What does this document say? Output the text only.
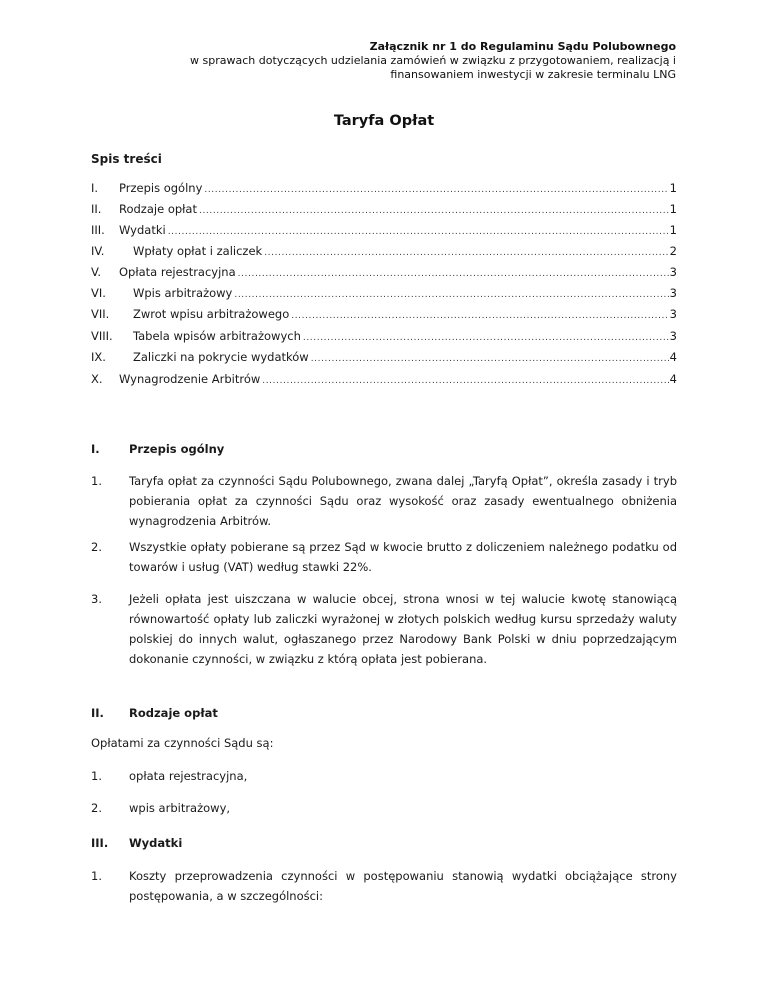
Załącznik nr 1 do Regulaminu Sądu Polubownego
w sprawach dotyczących udzielania zamówień w związku z przygotowaniem, realizacją i
finansowaniem inwestycji w zakresie terminalu LNG
Taryfa Opłat
Spis treści
I. Przepis ogólny .....	1
II. Rodzaje opłat .....	1
III. Wydatki .....	1
IV. Wpłaty opłat i zaliczek .....	2
V. Opłata rejestracyjna .....	3
VI. Wpis arbitrażowy .....	3
VII. Zwrot wpisu arbitrażowego .....	3
VIII. Tabela wpisów arbitrażowych .....	3
IX. Zaliczki na pokrycie wydatków .....	4
X. Wynagrodzenie Arbitrów .....	4
I.	Przepis ogólny
1. Taryfa opłat za czynności Sądu Polubownego, zwana dalej „Taryfą Opłat”, określa zasady i tryb pobierania opłat za czynności Sądu oraz wysokość oraz zasady ewentualnego obniżenia wynagrodzenia Arbitrów.
2. Wszystkie opłaty pobierane są przez Sąd w kwocie brutto z doliczeniem należnego podatku od towarów i usług (VAT) według stawki 22%.
3. Jeżeli opłata jest uiszczana w walucie obcej, strona wnosi w tej walucie kwotę stanowiącą równowartość opłaty lub zaliczki wyrażonej w złotych polskich według kursu sprzedaży waluty polskiej do innych walut, ogłaszanego przez Narodowy Bank Polski w dniu poprzedzającym dokonanie czynności, w związku z którą opłata jest pobierana.
II. Rodzaje opłat
Opłatami za czynności Sądu są:
1. opłata rejestracyjna,
2. wpis arbitrażowy,
III. Wydatki
1. Koszty przeprowadzenia czynności w postępowaniu stanowią wydatki obciążające strony postępowania, a w szczególności:
